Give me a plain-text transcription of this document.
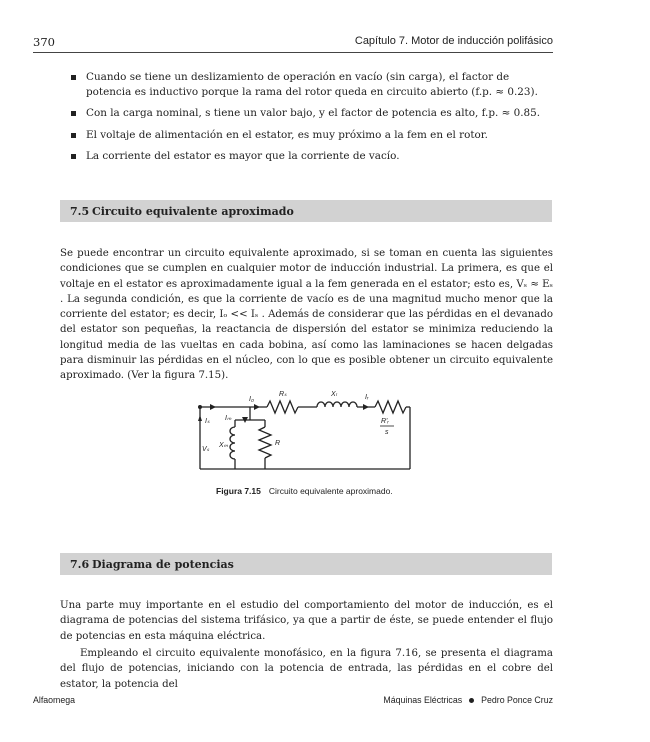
370	Capítulo 7. Motor de inducción polifásico
Cuando se tiene un deslizamiento de operación en vacío (sin carga), el factor de potencia es inductivo porque la rama del rotor queda en circuito abierto (f.p. ≈ 0.23).
Con la carga nominal, s tiene un valor bajo, y el factor de potencia es alto, f.p. ≈ 0.85.
El voltaje de alimentación en el estator, es muy próximo a la fem en el rotor.
La corriente del estator es mayor que la corriente de vacío.
7.5 Circuito equivalente aproximado

Se puede encontrar un circuito equivalente aproximado, si se toman en cuenta las siguientes condiciones que se cumplen en cualquier motor de inducción industrial. La primera, es que el voltaje en el estator es aproximadamente igual a la fem generada en el estator; esto es, Vₛ ≈ Eₛ . La segunda condición, es que la corriente de vacío es de una magnitud mucho menor que la corriente del estator; es decir, Iₒ << Iₛ . Además de considerar que las pérdidas en el devanado del estator son pequeñas, la reactancia de dispersión del estator se minimiza reduciendo la longitud media de las vueltas en cada bobina, así como las laminaciones se hacen delgadas para disminuir las pérdidas en el núcleo, con lo que es posible obtener un circuito equivalente aproximado. (Ver la figura 7.15).

Iₛ
Vₛ
Iₘ
Xₘ	R
I₀
Rₛ	Xₗ	Iᵣ
R'ᵣ
s
Figura 7.15 Circuito equivalente aproximado.
7.6 Diagrama de potencias

Una parte muy importante en el estudio del comportamiento del motor de inducción, es el diagrama de potencias del sistema trifásico, ya que a partir de éste, se puede entender el flujo de potencias en esta máquina eléctrica.

Empleando el circuito equivalente monofásico, en la figura 7.16, se presenta el diagrama del flujo de potencias, iniciando con la potencia de entrada, las pérdidas en el cobre del estator, la potencia del

Alfaomega	Máquinas Eléctricas Pedro Ponce Cruz
